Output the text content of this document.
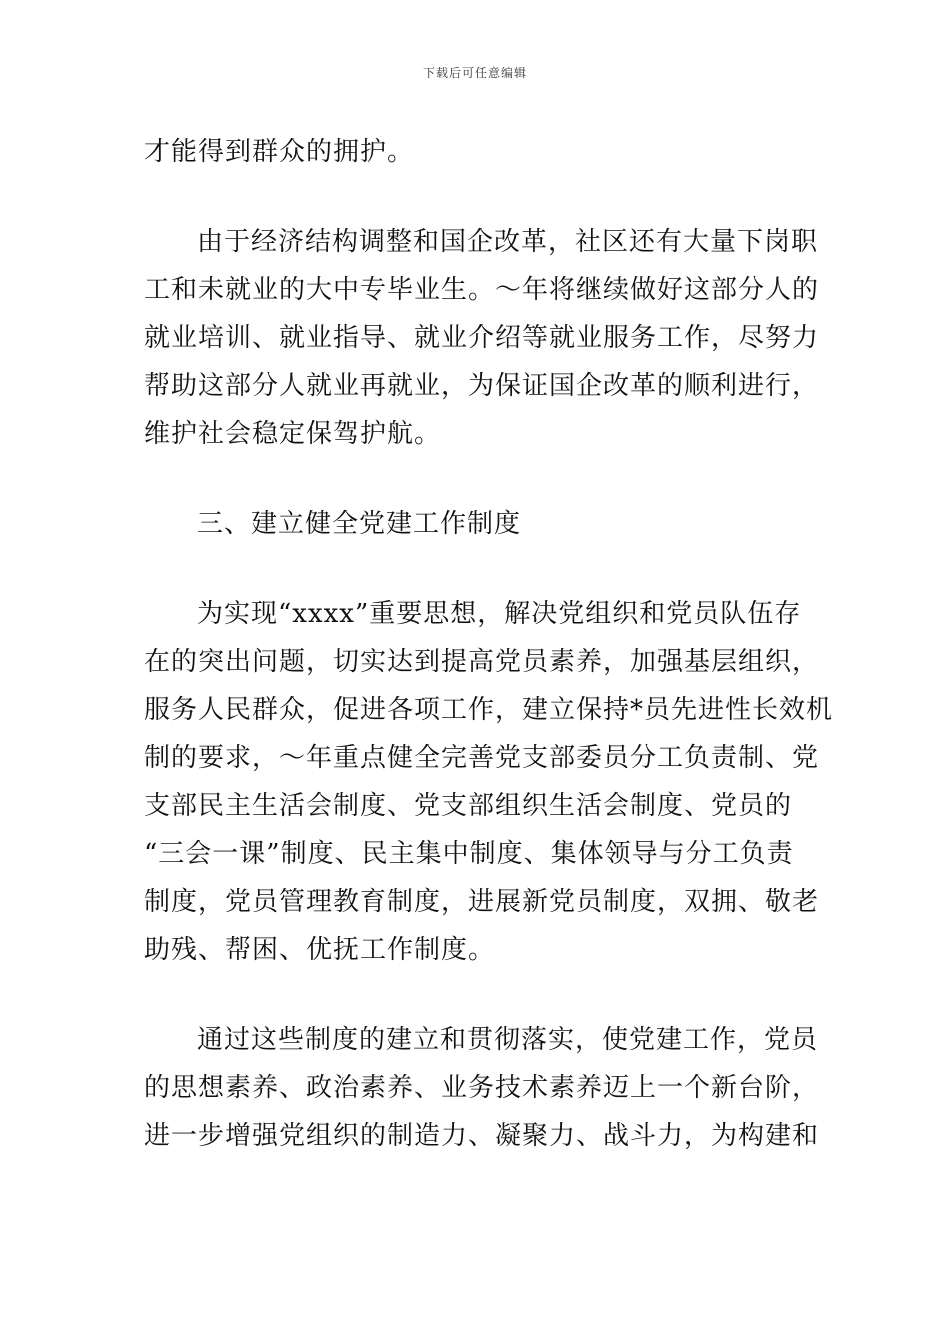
下载后可任意编辑
才能得到群众的拥护。
由于经济结构调整和国企改革，社区还有大量下岗职
工和未就业的大中专毕业生。～年将继续做好这部分人的
就业培训、就业指导、就业介绍等就业服务工作，尽努力
帮助这部分人就业再就业，为保证国企改革的顺利进行，
维护社会稳定保驾护航。
三、建立健全党建工作制度
为实现“xxxx”重要思想，解决党组织和党员队伍存
在的突出问题，切实达到提高党员素养，加强基层组织，
服务人民群众，促进各项工作，建立保持*员先进性长效机
制的要求，～年重点健全完善党支部委员分工负责制、党
支部民主生活会制度、党支部组织生活会制度、党员的
“三会一课”制度、民主集中制度、集体领导与分工负责
制度，党员管理教育制度，进展新党员制度，双拥、敬老
助残、帮困、优抚工作制度。
通过这些制度的建立和贯彻落实，使党建工作，党员
的思想素养、政治素养、业务技术素养迈上一个新台阶，
进一步增强党组织的制造力、凝聚力、战斗力，为构建和
